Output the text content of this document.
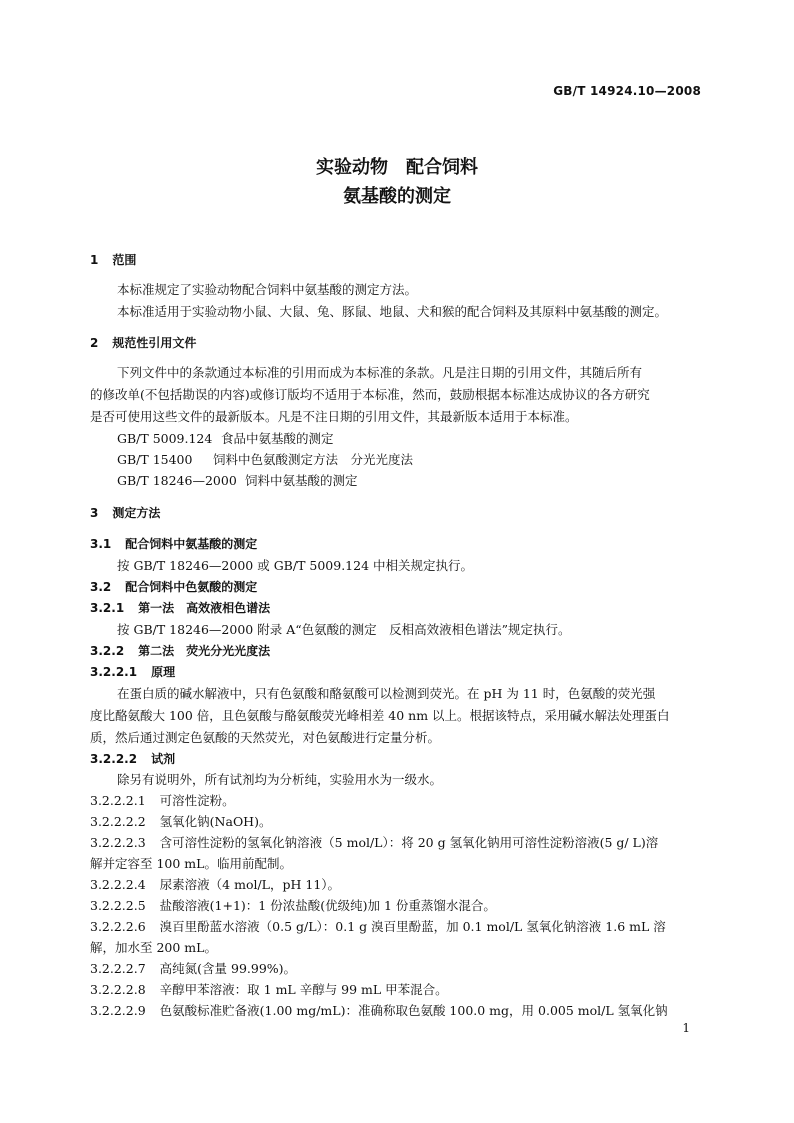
GB/T 14924.10—2008
实验动物　配合饲料
氨基酸的测定
1 范围
本标准规定了实验动物配合饲料中氨基酸的测定方法。
本标准适用于实验动物小鼠、大鼠、兔、豚鼠、地鼠、犬和猴的配合饲料及其原料中氨基酸的测定。
2 规范性引用文件
下列文件中的条款通过本标准的引用而成为本标准的条款。凡是注日期的引用文件，其随后所有
的修改单(不包括勘误的内容)或修订版均不适用于本标准，然而，鼓励根据本标准达成协议的各方研究
是否可使用这些文件的最新版本。凡是不注日期的引用文件，其最新版本适用于本标准。
GB/T 5009.124 食品中氨基酸的测定
GB/T 15400 饲料中色氨酸测定方法　分光光度法
GB/T 18246—2000 饲料中氨基酸的测定
3 测定方法
3.1 配合饲料中氨基酸的测定
按 GB/T 18246—2000 或 GB/T 5009.124 中相关规定执行。
3.2 配合饲料中色氨酸的测定
3.2.1 第一法　高效液相色谱法
按 GB/T 18246—2000 附录 A“色氨酸的测定　反相高效液相色谱法”规定执行。
3.2.2 第二法　荧光分光光度法
3.2.2.1 原理
在蛋白质的碱水解液中，只有色氨酸和酪氨酸可以检测到荧光。在 pH 为 11 时，色氨酸的荧光强
度比酪氨酸大 100 倍，且色氨酸与酪氨酸荧光峰相差 40 nm 以上。根据该特点，采用碱水解法处理蛋白
质，然后通过测定色氨酸的天然荧光，对色氨酸进行定量分析。
3.2.2.2 试剂
除另有说明外，所有试剂均为分析纯，实验用水为一级水。
3.2.2.2.1 可溶性淀粉。
3.2.2.2.2 氢氧化钠(NaOH)。
3.2.2.2.3 含可溶性淀粉的氢氧化钠溶液（5 mol/L）：将 20 g 氢氧化钠用可溶性淀粉溶液(5 g/ L)溶
解并定容至 100 mL。临用前配制。
3.2.2.2.4 尿素溶液（4 mol/L，pH 11）。
3.2.2.2.5 盐酸溶液(1+1)：1 份浓盐酸(优级纯)加 1 份重蒸馏水混合。
3.2.2.2.6 溴百里酚蓝水溶液（0.5 g/L）：0.1 g 溴百里酚蓝，加 0.1 mol/L 氢氧化钠溶液 1.6 mL 溶
解，加水至 200 mL。
3.2.2.2.7 高纯氮(含量 99.99%)。
3.2.2.2.8 辛醇甲苯溶液：取 1 mL 辛醇与 99 mL 甲苯混合。
3.2.2.2.9 色氨酸标准贮备液(1.00 mg/mL)：准确称取色氨酸 100.0 mg，用 0.005 mol/L 氢氧化钠
1
